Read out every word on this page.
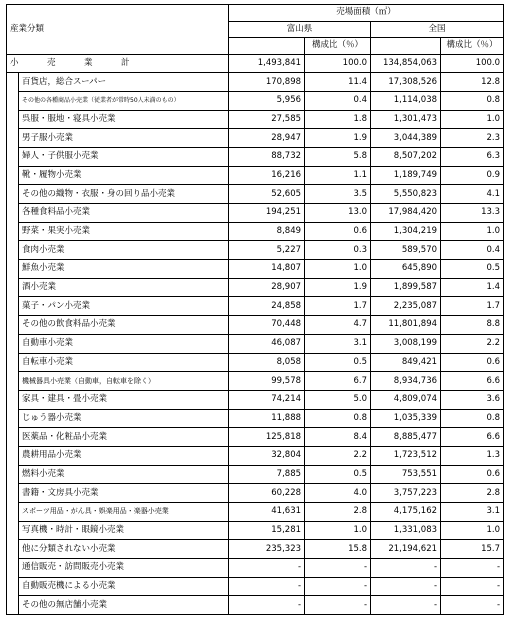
産業分類		売場面積（㎡）			
		富山県		全国	
			構成比（％）		構成比（％）
小　売　業　計		1,493,841	100.0	134,854,063	100.0
	百貨店，総合スーパー	170,898	11.4	17,308,526	12.8
	その他の各種商品小売業（従業者が常時50人未満のもの）	5,956	0.4	1,114,038	0.8
	呉服・服地・寝具小売業	27,585	1.8	1,301,473	1.0
	男子服小売業	28,947	1.9	3,044,389	2.3
	婦人・子供服小売業	88,732	5.8	8,507,202	6.3
	靴・履物小売業	16,216	1.1	1,189,749	0.9
	その他の織物・衣服・身の回り品小売業	52,605	3.5	5,550,823	4.1
	各種食料品小売業	194,251	13.0	17,984,420	13.3
	野菜・果実小売業	8,849	0.6	1,304,219	1.0
	食肉小売業	5,227	0.3	589,570	0.4
	鮮魚小売業	14,807	1.0	645,890	0.5
	酒小売業	28,907	1.9	1,899,587	1.4
	菓子・パン小売業	24,858	1.7	2,235,087	1.7
	その他の飲食料品小売業	70,448	4.7	11,801,894	8.8
	自動車小売業	46,087	3.1	3,008,199	2.2
	自転車小売業	8,058	0.5	849,421	0.6
	機械器具小売業（自動車，自転車を除く）	99,578	6.7	8,934,736	6.6
	家具・建具・畳小売業	74,214	5.0	4,809,074	3.6
	じゅう器小売業	11,888	0.8	1,035,339	0.8
	医薬品・化粧品小売業	125,818	8.4	8,885,477	6.6
	農耕用品小売業	32,804	2.2	1,723,512	1.3
	燃料小売業	7,885	0.5	753,551	0.6
	書籍・文房具小売業	60,228	4.0	3,757,223	2.8
	スポーツ用品・がん具・娯楽用品・楽器小売業	41,631	2.8	4,175,162	3.1
	写真機・時計・眼鏡小売業	15,281	1.0	1,331,083	1.0
	他に分類されない小売業	235,323	15.8	21,194,621	15.7
	通信販売・訪問販売小売業	-	-	-	-
	自動販売機による小売業	-	-	-	-
	その他の無店舗小売業	-	-	-	-
